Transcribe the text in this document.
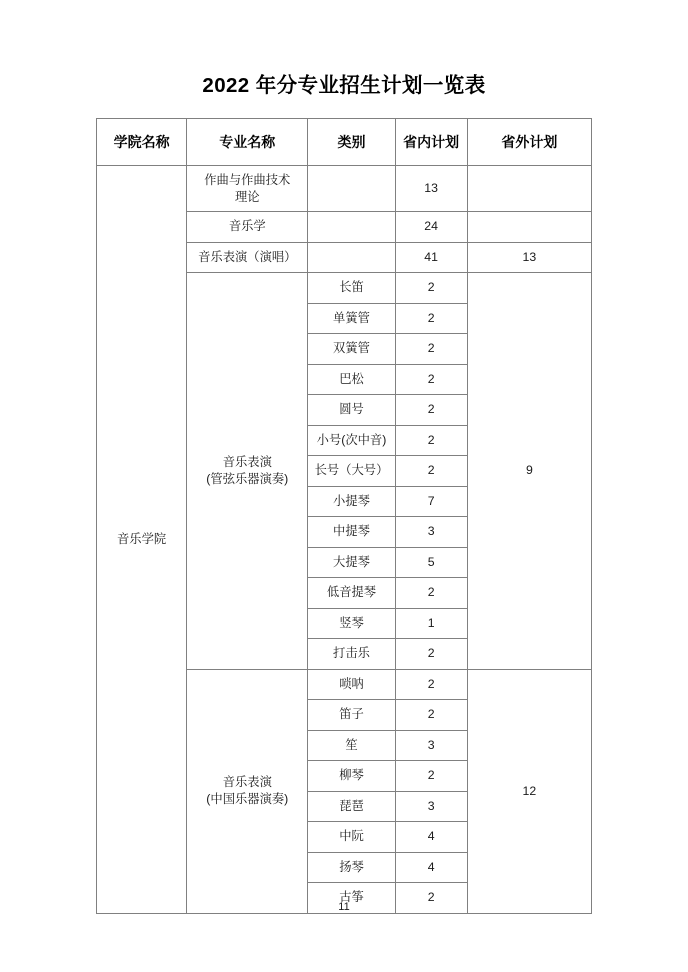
2022 年分专业招生计划一览表
学院名称	专业名称	类别	省内计划	省外计划

音乐学院	作曲与作曲技术
理论		13	

	音乐学		24	

	音乐表演（演唱）		41	13

	音乐表演
(管弦乐器演奏)	长笛	2	9

		单簧管	2	

		双簧管	2	

		巴松	2	

		圆号	2	

		小号(次中音)	2	

		长号（大号）	2	

		小提琴	7	

		中提琴	3	

		大提琴	5	

		低音提琴	2	

		竖琴	1	

		打击乐	2	

	音乐表演
(中国乐器演奏)	唢呐	2	12

		笛子	2	

		笙	3	

		柳琴	2	

		琵琶	3	

		中阮	4	

		扬琴	4	

		古筝	2	
11
